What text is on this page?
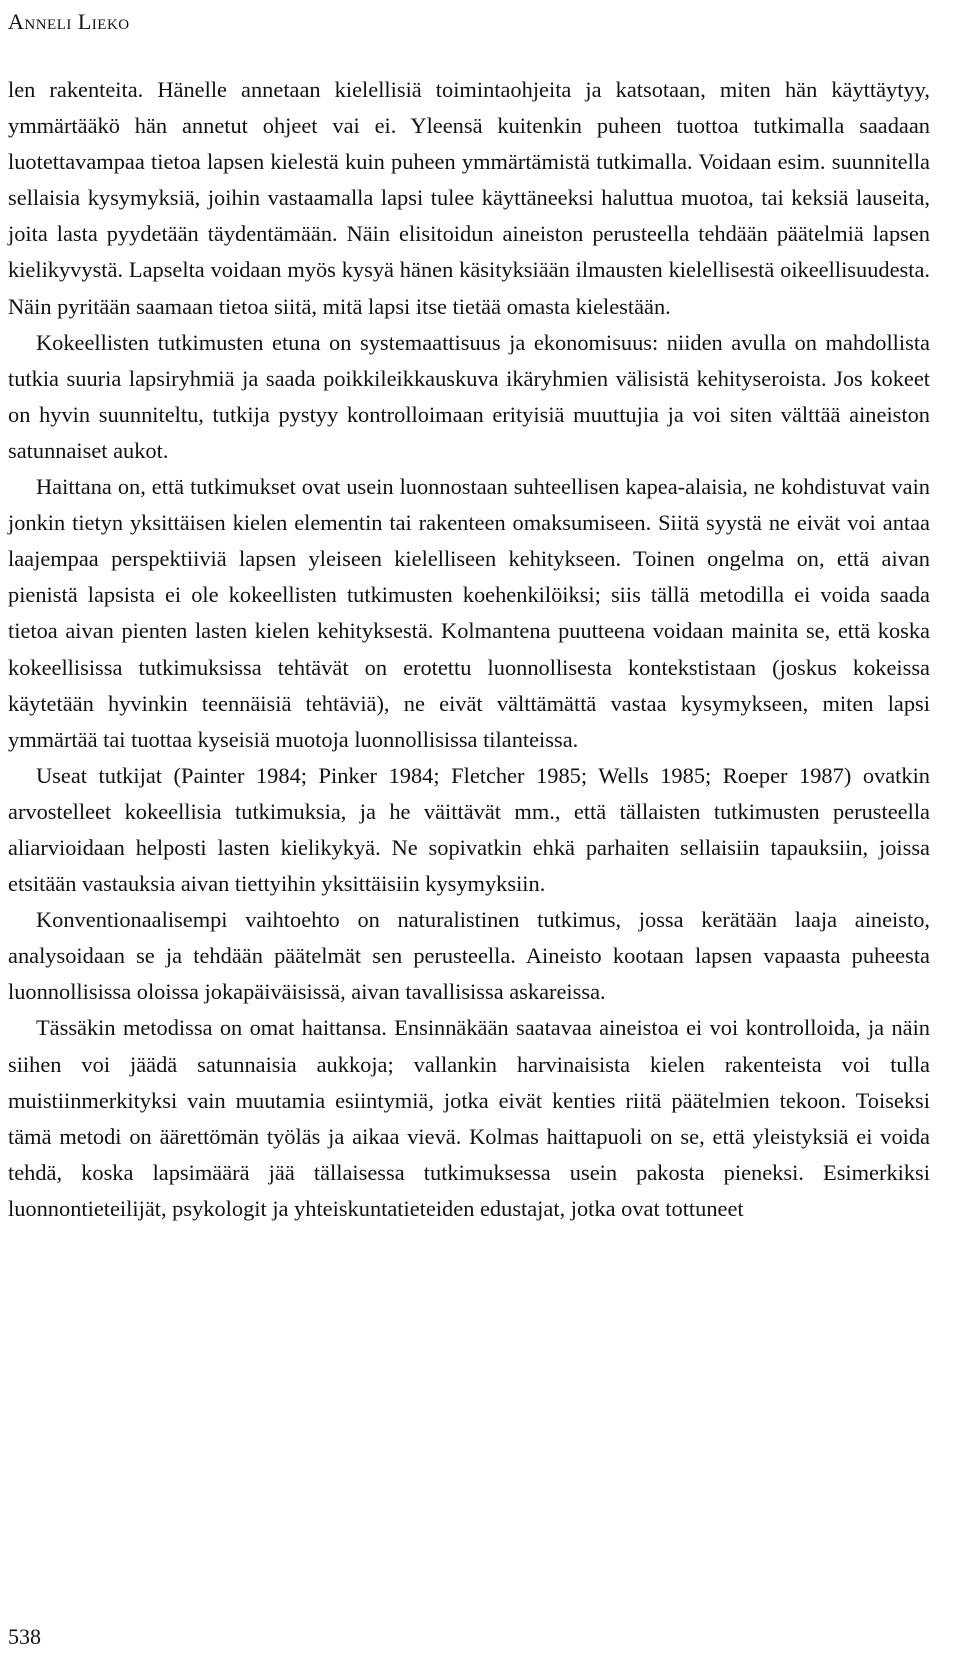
Anneli Lieko

len rakenteita. Hänelle annetaan kielellisiä toimintaohjeita ja katsotaan, miten hän käyttäytyy, ymmärtääkö hän annetut ohjeet vai ei. Yleensä kuitenkin puheen tuottoa tutkimalla saadaan luotettavampaa tietoa lapsen kielestä kuin puheen ymmärtämistä tutkimalla. Voidaan esim. suunnitella sellaisia kysymyksiä, joihin vastaamalla lapsi tulee käyttäneeksi haluttua muotoa, tai keksiä lauseita, joita lasta pyydetään täydentämään. Näin elisitoidun aineiston perusteella tehdään päätelmiä lapsen kielikyvystä. Lapselta voidaan myös kysyä hänen käsityksiään ilmausten kielellisestä oikeellisuudesta. Näin pyritään saamaan tietoa siitä, mitä lapsi itse tietää omasta kielestään.

Kokeellisten tutkimusten etuna on systemaattisuus ja ekonomisuus: niiden avulla on mahdollista tutkia suuria lapsiryhmiä ja saada poikkileikkauskuva ikäryhmien välisistä kehityseroista. Jos kokeet on hyvin suunniteltu, tutkija pystyy kontrolloimaan erityisiä muuttujia ja voi siten välttää aineiston satunnaiset aukot.

Haittana on, että tutkimukset ovat usein luonnostaan suhteellisen kapea-alaisia, ne kohdistuvat vain jonkin tietyn yksittäisen kielen elementin tai rakenteen omaksumiseen. Siitä syystä ne eivät voi antaa laajempaa perspektiiviä lapsen yleiseen kielelliseen kehitykseen. Toinen ongelma on, että aivan pienistä lapsista ei ole kokeellisten tutkimusten koehenkilöiksi; siis tällä metodilla ei voida saada tietoa aivan pienten lasten kielen kehityksestä. Kolmantena puutteena voidaan mainita se, että koska kokeellisissa tutkimuksissa tehtävät on erotettu luonnollisesta kontekstistaan (joskus kokeissa käytetään hyvinkin teennäisiä tehtäviä), ne eivät välttämättä vastaa kysymykseen, miten lapsi ymmärtää tai tuottaa kyseisiä muotoja luonnollisissa tilanteissa.

Useat tutkijat (Painter 1984; Pinker 1984; Fletcher 1985; Wells 1985; Roeper 1987) ovatkin arvostelleet kokeellisia tutkimuksia, ja he väittävät mm., että tällaisten tutkimusten perusteella aliarvioidaan helposti lasten kielikykyä. Ne sopivatkin ehkä parhaiten sellaisiin tapauksiin, joissa etsitään vastauksia aivan tiettyihin yksittäisiin kysymyksiin.

Konventionaalisempi vaihtoehto on naturalistinen tutkimus, jossa kerätään laaja aineisto, analysoidaan se ja tehdään päätelmät sen perusteella. Aineisto kootaan lapsen vapaasta puheesta luonnollisissa oloissa jokapäiväisissä, aivan tavallisissa askareissa.

Tässäkin metodissa on omat haittansa. Ensinnäkään saatavaa aineistoa ei voi kontrolloida, ja näin siihen voi jäädä satunnaisia aukkoja; vallankin harvinaisista kielen rakenteista voi tulla muistiinmerkityksi vain muutamia esiintymiä, jotka eivät kenties riitä päätelmien tekoon. Toiseksi tämä metodi on äärettömän työläs ja aikaa vievä. Kolmas haittapuoli on se, että yleistyksiä ei voida tehdä, koska lapsimäärä jää tällaisessa tutkimuksessa usein pakosta pieneksi. Esimerkiksi luonnontieteilijät, psykologit ja yhteiskuntatieteiden edustajat, jotka ovat tottuneet

538
